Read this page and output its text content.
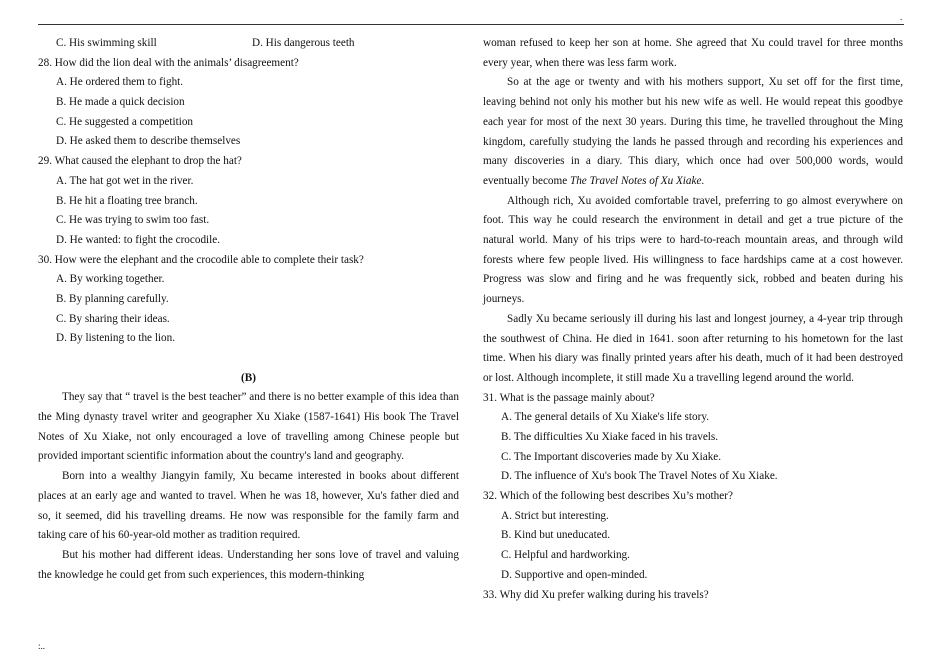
.
C. His swimming skill	D. His dangerous teeth
28. How did the lion deal with the animals’ disagreement?
A. He ordered them to fight.
B. He made a quick decision
C. He suggested a competition
D. He asked them to describe themselves
29. What caused the elephant to drop the hat?
A. The hat got wet in the river.
B. He hit a floating tree branch.
C. He was trying to swim too fast.
D. He wanted: to fight the crocodile.
30. How were the elephant and the crocodile able to complete their task?
A. By working together.
B. By planning carefully.
C. By sharing their ideas.
D. By listening to the lion.
(B)

They say that “ travel is the best teacher” and there is no better example of this idea than the Ming dynasty travel writer and geographer Xu Xiake (1587-1641) His book The Travel Notes of Xu Xiake, not only encouraged a love of travelling among Chinese people but provided important scientific information about the country's land and geography.

Born into a wealthy Jiangyin family, Xu became interested in books about different places at an early age and wanted to travel. When he was 18, however, Xu's father died and so, it seemed, did his travelling dreams. He now was responsible for the family farm and taking care of his 60-year-old mother as tradition required.

But his mother had different ideas. Understanding her sons love of travel and valuing the knowledge he could get from such experiences, this modern-thinking

woman refused to keep her son at home. She agreed that Xu could travel for three months every year, when there was less farm work.

So at the age or twenty and with his mothers support, Xu set off for the first time, leaving behind not only his mother but his new wife as well. He would repeat this goodbye each year for most of the next 30 years. During this time, he travelled throughout the Ming kingdom, carefully studying the lands he passed through and recording his experiences and many discoveries in a diary. This diary, which once had over 500,000 words, would eventually become The Travel Notes of Xu Xiake.

Although rich, Xu avoided comfortable travel, preferring to go almost everywhere on foot. This way he could research the environment in detail and get a true picture of the natural world. Many of his trips were to hard-to-reach mountain areas, and through wild forests where few people lived. His willingness to face hardships came at a cost however. Progress was slow and firing and he was frequently sick, robbed and beaten during his journeys.

Sadly Xu became seriously ill during his last and longest journey, a 4-year trip through the southwest of China. He died in 1641. soon after returning to his hometown for the last time. When his diary was finally printed years after his death, much of it had been destroyed or lost. Although incomplete, it still made Xu a travelling legend around the world.

31. What is the passage mainly about?
A. The general details of Xu Xiake's life story.
B. The difficulties Xu Xiake faced in his travels.
C. The Important discoveries made by Xu Xiake.
D. The influence of Xu's book The Travel Notes of Xu Xiake.
32. Which of the following best describes Xu’s mother?
A. Strict but interesting.
B. Kind but uneducated.
C. Helpful and hardworking.
D. Supportive and open-minded.
33. Why did Xu prefer walking during his travels?
:..
